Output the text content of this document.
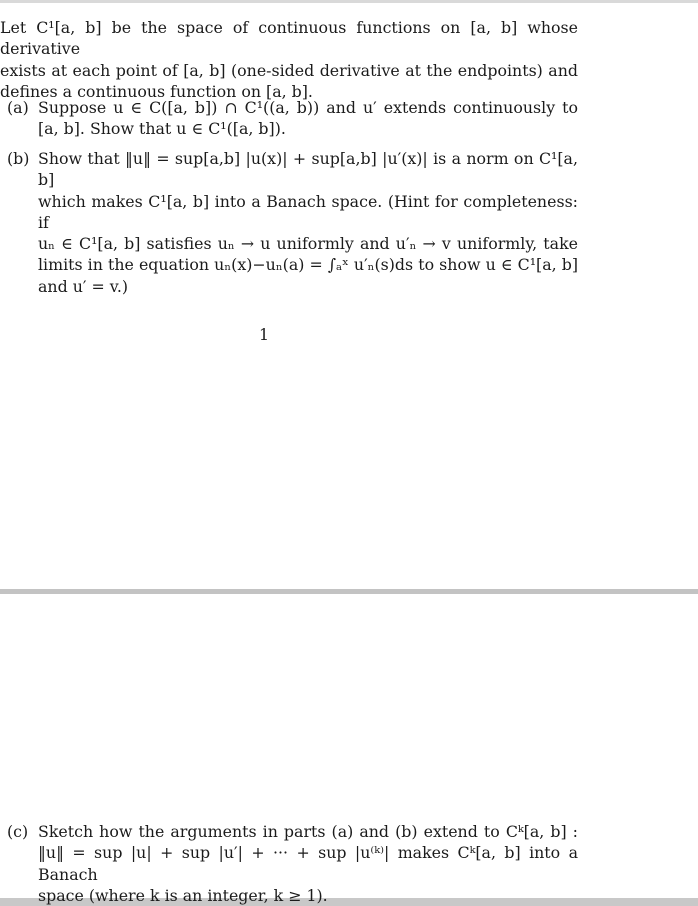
Let C¹[a, b] be the space of continuous functions on [a, b] whose derivative
exists at each point of [a, b] (one-sided derivative at the endpoints) and
defines a continuous function on [a, b].

(a) Suppose u ∈ C([a, b]) ∩ C¹((a, b)) and u′ extends continuously to
[a, b]. Show that u ∈ C¹([a, b]).
(b) Show that ‖u‖ = sup[a,b] |u(x)| + sup[a,b] |u′(x)| is a norm on C¹[a, b]
which makes C¹[a, b] into a Banach space. (Hint for completeness: if
uₙ ∈ C¹[a, b] satisfies uₙ → u uniformly and u′ₙ → v uniformly, take
limits in the equation uₙ(x)−uₙ(a) = ∫ₐˣ u′ₙ(s)ds to show u ∈ C¹[a, b]
and u′ = v.)
1
(c) Sketch how the arguments in parts (a) and (b) extend to Cᵏ[a, b] :
‖u‖ = sup |u| + sup |u′| + ··· + sup |u⁽ᵏ⁾| makes Cᵏ[a, b] into a Banach
space (where k is an integer, k ≥ 1).
